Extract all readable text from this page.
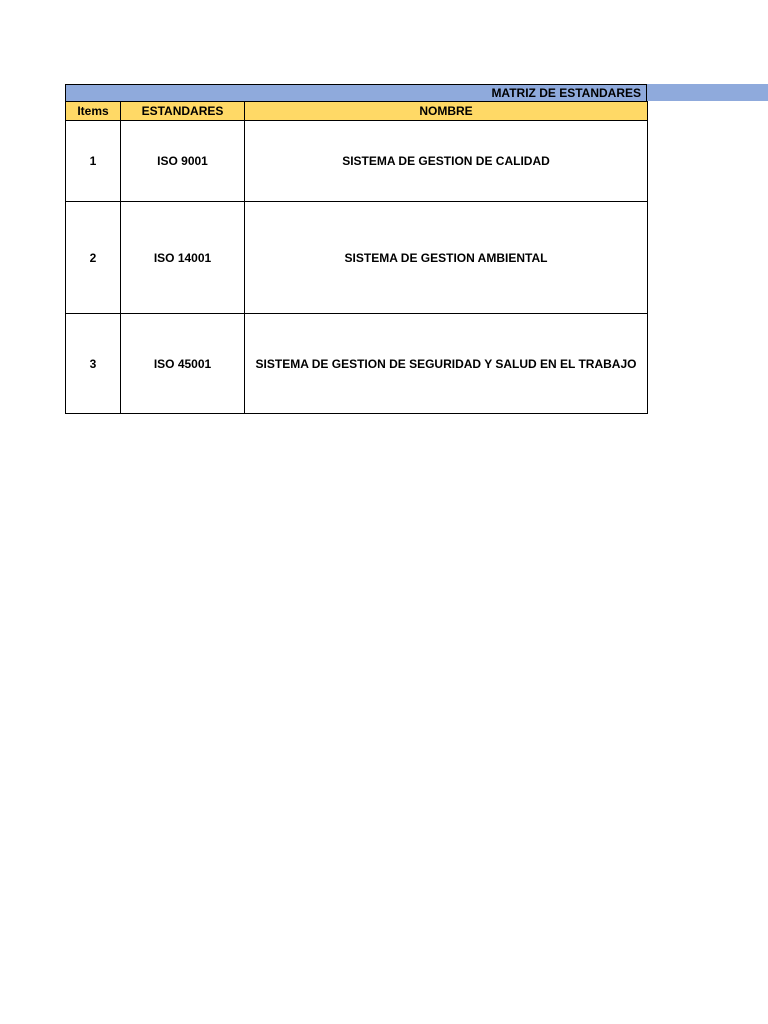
MATRIZ DE ESTANDARES
Items	ESTANDARES	NOMBRE
1	ISO 9001	SISTEMA DE GESTION DE CALIDAD
2	ISO 14001	SISTEMA DE GESTION AMBIENTAL
3	ISO 45001	SISTEMA DE GESTION DE SEGURIDAD Y SALUD EN EL TRABAJO
